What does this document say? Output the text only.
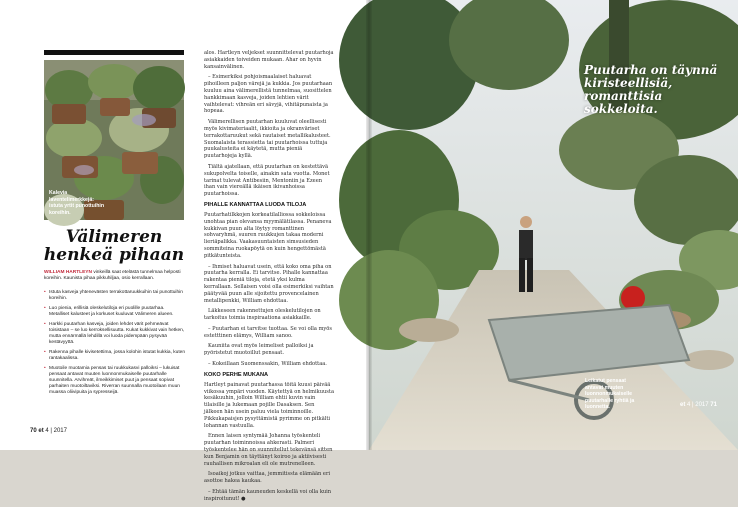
Kalevia laventelimerkkejä: istuta yrtit punottuihin koreihin.
Välimeren henkeä pihaan

WILLIAM HARTLEYN vinkeillä saat etelästä tunnelmaa helposti koreihin. Kaunista pihaa pikkuhiljaa, osio kerrallaan.

• Istuta kasveja yhtenevästen terrakottaruukkuihin tai punottuihin koreihin.
• Luo pienia, erillisiä oleskelutiloja eri puolille puutarhaa. Metalliset kalusteet ja korkuset kuuluvat Välimeren alueen.
• Harkki puutarhan kasveja, joiden lehdet värit pehmeävat toisistaan – se luo kerroksellisuutta. Kukat kukkivat vain hetken, mutta ennärmällä lehdillä voi luoda pidempään pysyvää kestävyyttä.
• Rakenna pihalle kivisetettima, jossa kolohin istutat kukkia, kuten rantakaalissa.
• Muotoile muotamia pensas tai ruukkukasvi palloiksi – lukuisat pensaat antavat muuten luonnonmukaiselle puutarhalle suunnitella. Arvihreät, ilmeikkimiset puut ja pensaat sopivat parhaiten muotoiltaviksi. Riverran suunnalla muotoilaan muun muassa oliivipuita ja sypresseijä.

alos. Hartleyn veljekset suunnittelevat puutarhoja asiakkaiden toiveiden mukaan. Ahar on hyvin kansainvälinen.

– Esimerkiksi pohjoismaalaiset haluavat pihoilleen paljon värejä ja kukkia. Jos puutarhaan kuuluu aina välimerellistä tunnelmaa, suosittelen hankkimaan kasveja, joiden lehtien värit vaihtelevat: vihreän eri sävyjä, vihitäpunaista ja hopeaa.

Välimerellisen puutarhan kuuluvat oleellisesti myös kivimateriaalit, ikkioita ja okranväriset terrakottaruukut sekä rautaiset metallikalusteet. Suomalaista terassietta tai puutarhoissa tuttuja puukalusteita ei käytetä, mutta pieniä puutarhojeja kyllä.

Tiältä ajatellaan, että puutarhan on kestettävä sukupolvelta toiselle, ainakin sata vuotta. Monet tarinat tulevat Antibesiin, Mentoniin ja Ezeen ihan vain viereällä ikäisen ikivanhoissa puutarhoissa.

PIHALLE KANNATTAA LUODA TILOJA

Puutarhatilkkojen korkeatilalliossa sokkeloissa unohtaa pian olevansa myymälätilassa. Penaneva kukkivan puun alta löytyy romanttinen sohvaryhmä, suuren ruukkujen takaa moderni lieriäpalikka. Vaakasuuntaisten simsusieden sommiteina ruokapöytä on kuin hengettömästä pitkätunteista.

– Ihmiset haluavat usein, että koko oma piha on puutarha kerralla. Ei tarvitse. Pihalle kannattaa rakentaa pieniä tiloja, etetä yksi kulma kerrallaan. Sellaisen voisi olla esimerkiksi vaihtan päätyvää puun alle sijoitettu provencelainen metallipenkki, William ehdottaa.

Läkkeseen rakennettujen oleskelutilojen on tarkoitus toimia inspiraationa asiakkaille.

– Puutarhan ei tarvitse tuottaa. Se voi olla myös estetttinen elämys, William sanoo.

Kauniita ovat myös leimeliset palloiksi ja pyöristetut muotoillut pensaat.

– Kokeillaan Suomenssakin, William ehdottaa.

KOKO PERHE MUKANA

Hartleyt painavat puutarhassa töitä kuusi päivää viikossa ympäri vuoden. Käytettyä on helmikuusta kesäkuuhin, jolloin William ehtii kuvin vain tilaisille ja lukemaan pojille Dasaksen. Sen jälkeen hän usein paluu viela toiminnoille. Pikkukapaisjen pysyttämistä pyrimme on pitkälti lohannan vastuulla.

Ennen laisen syntymää Johanna työskenteli puutarhan toiminnoissa ahkerasti. Palmeri työskentelee hän on suunnitellut tekevänsä sitten kun Benjamin on täyttänyt koiroo ja aktiivisesti rauhallisen mikroalan eli ole mutrenelleen.

Isoaikoj jotkus vaittaa, jemmitissta elämään eri asottoe hakea kaukaa.

– Ehtää tämän kauneuden keskellä voi olla kuin inspiroitunut! ●

70 et 4 | 2017

Puutarha on täynnä kiristeellisiä, romanttisia sokkeloita.

Leikatut pensaat antavat muuten luonnonmukaiselle puutarhalle ryhtiä ja luonnetta.	et 4 | 2017 71
